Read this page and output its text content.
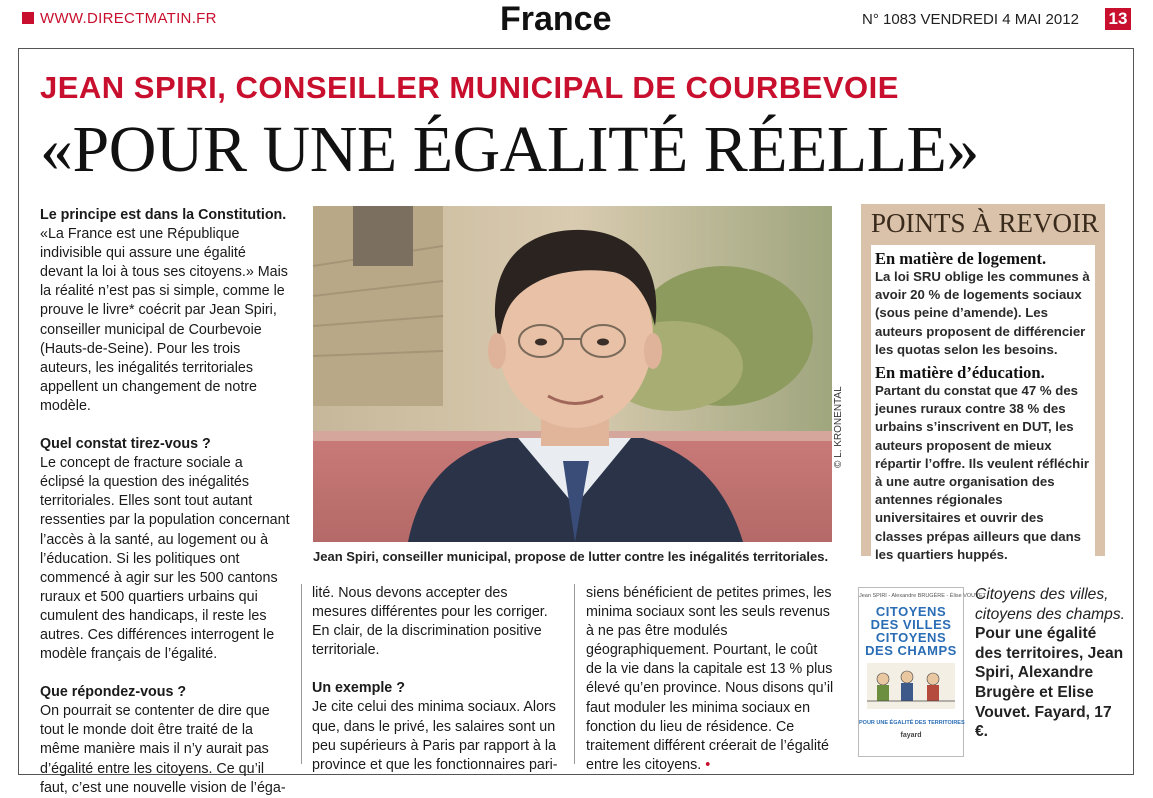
WWW.DIRECTMATIN.FR	France	N° 1083 VENDREDI 4 MAI 2012 13
JEAN SPIRI, CONSEILLER MUNICIPAL DE COURBEVOIE
«POUR UNE ÉGALITÉ RÉELLE»

Le principe est dans la Constitution. «La France est une République indivisible qui assure une égalité devant la loi à tous ses citoyens.» Mais la réalité n’est pas si simple, comme le prouve le livre* coécrit par Jean Spiri, conseiller municipal de Courbevoie (Hauts-de-Seine). Pour les trois auteurs, les inégalités territoriales appellent un changement de notre modèle.

Quel constat tirez-vous ?

Le concept de fracture sociale a éclipsé la question des inégalités territoriales. Elles sont tout autant ressenties par la population concernant l’accès à la santé, au logement ou à l’éducation. Si les politiques ont commencé à agir sur les 500 cantons ruraux et 500 quartiers urbains qui cumulent des handicaps, il reste les autres. Ces différences interrogent le modèle français de l’égalité.

Que répondez-vous ?

On pourrait se contenter de dire que tout le monde doit être traité de la même manière mais il n’y aurait pas d’égalité entre les citoyens. Ce qu’il faut, c’est une nouvelle vision de l’éga-

lité. Nous devons accepter des mesures différentes pour les corriger. En clair, de la discrimination positive territoriale.

Un exemple ?

Je cite celui des minima sociaux. Alors que, dans le privé, les salaires sont un peu supérieurs à Paris par rapport à la province et que les fonctionnaires pari-

siens bénéficient de petites primes, les minima sociaux sont les seuls revenus à ne pas être modulés géographiquement. Pourtant, le coût de la vie dans la capitale est 13 % plus élevé qu’en province. Nous disons qu’il faut moduler les minima sociaux en fonction du lieu de résidence. Ce traitement différent créerait de l’égalité entre les citoyens. •

© L. KRONENTAL
Jean Spiri, conseiller municipal, propose de lutter contre les inégalités territoriales.
POINTS À REVOIR

En matière de logement.

La loi SRU oblige les communes à avoir 20 % de logements sociaux (sous peine d’amende). Les auteurs proposent de différencier les quotas selon les besoins.

En matière d’éducation.

Partant du constat que 47 % des jeunes ruraux contre 38 % des urbains s’inscrivent en DUT, les auteurs proposent de mieux répartir l’offre. Ils veulent réfléchir à une autre organisation des antennes régionales universitaires et ouvrir des classes prépas ailleurs que dans les quartiers huppés.

Jean SPIRI - Alexandre BRUGÈRE - Élise VOUVET
CITOYENS
DES VILLES
CITOYENS
DES CHAMPS
POUR UNE ÉGALITÉ DES TERRITOIRES
fayard
Citoyens des villes, citoyens des champs. Pour une égalité des territoires, Jean Spiri, Alexandre Brugère et Elise Vouvet. Fayard, 17 €.
